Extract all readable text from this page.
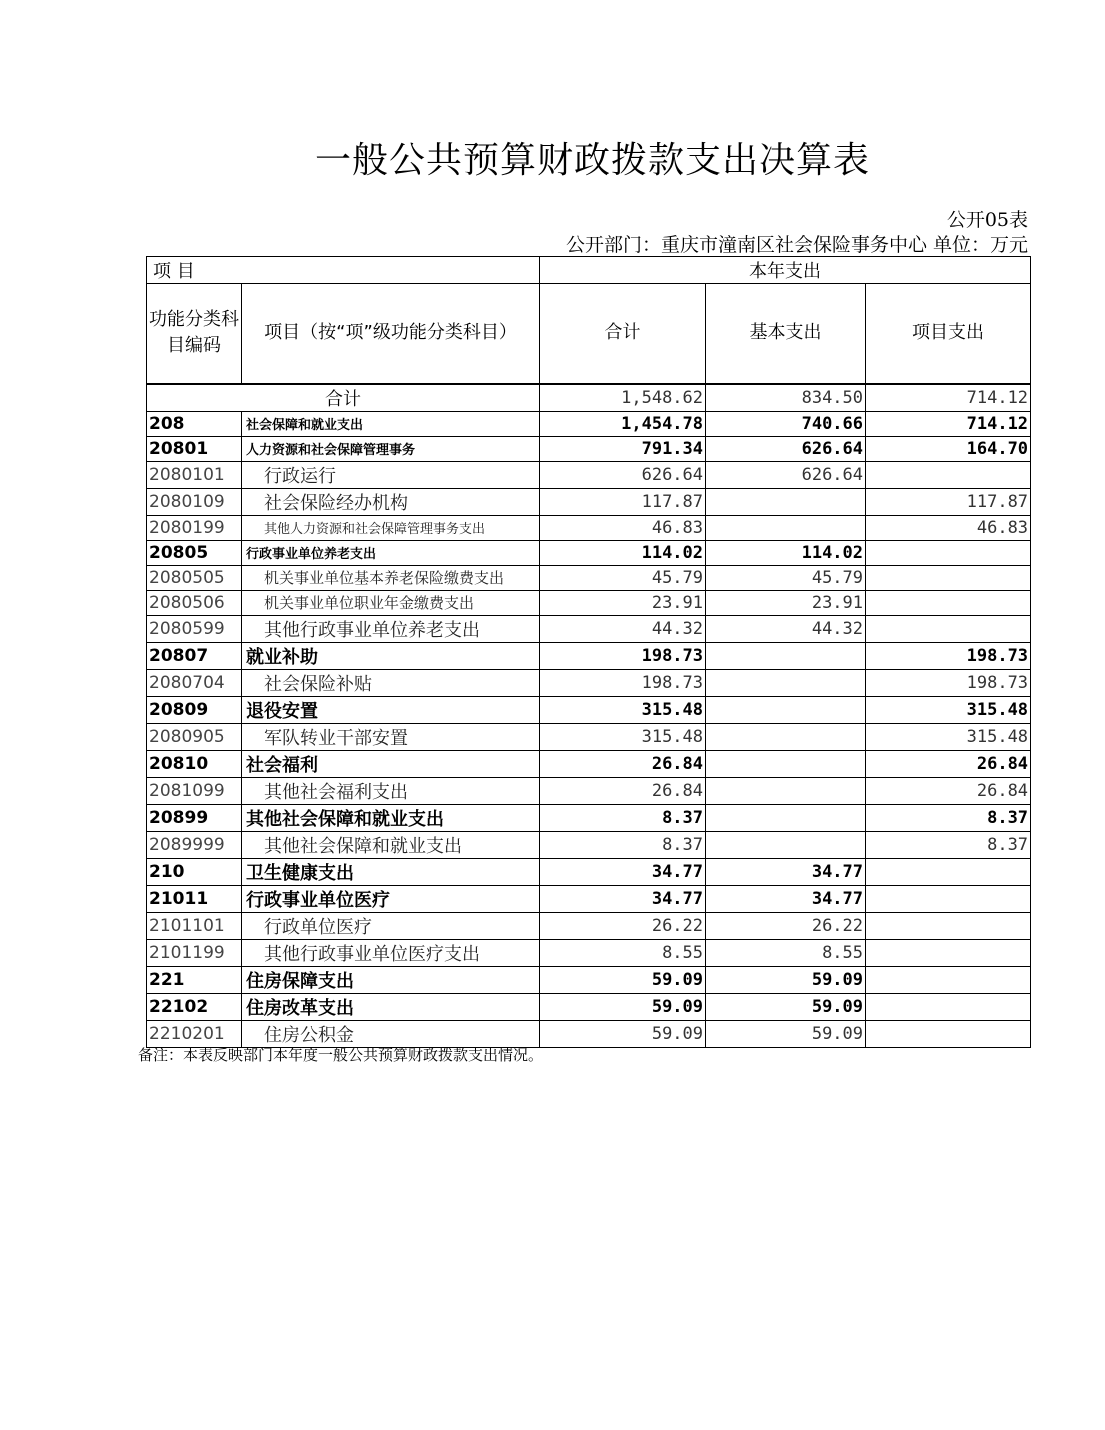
一般公共预算财政拨款支出决算表
公开05表
公开部门：重庆市潼南区社会保险事务中心 单位：万元
项 目		本年支出		
功能分类科目编码	项目（按“项”级功能分类科目）	合计	基本支出	项目支出
合计		1,548.62	834.50	714.12
208	社会保障和就业支出	1,454.78	740.66	714.12
20801	人力资源和社会保障管理事务	791.34	626.64	164.70
2080101	行政运行	626.64	626.64	
2080109	社会保险经办机构	117.87		117.87
2080199	其他人力资源和社会保障管理事务支出	46.83		46.83
20805	行政事业单位养老支出	114.02	114.02	
2080505	机关事业单位基本养老保险缴费支出	45.79	45.79	
2080506	机关事业单位职业年金缴费支出	23.91	23.91	
2080599	其他行政事业单位养老支出	44.32	44.32	
20807	就业补助	198.73		198.73
2080704	社会保险补贴	198.73		198.73
20809	退役安置	315.48		315.48
2080905	军队转业干部安置	315.48		315.48
20810	社会福利	26.84		26.84
2081099	其他社会福利支出	26.84		26.84
20899	其他社会保障和就业支出	8.37		8.37
2089999	其他社会保障和就业支出	8.37		8.37
210	卫生健康支出	34.77	34.77	
21011	行政事业单位医疗	34.77	34.77	
2101101	行政单位医疗	26.22	26.22	
2101199	其他行政事业单位医疗支出	8.55	8.55	
221	住房保障支出	59.09	59.09	
22102	住房改革支出	59.09	59.09	
2210201	住房公积金	59.09	59.09	
备注：本表反映部门本年度一般公共预算财政拨款支出情况。
